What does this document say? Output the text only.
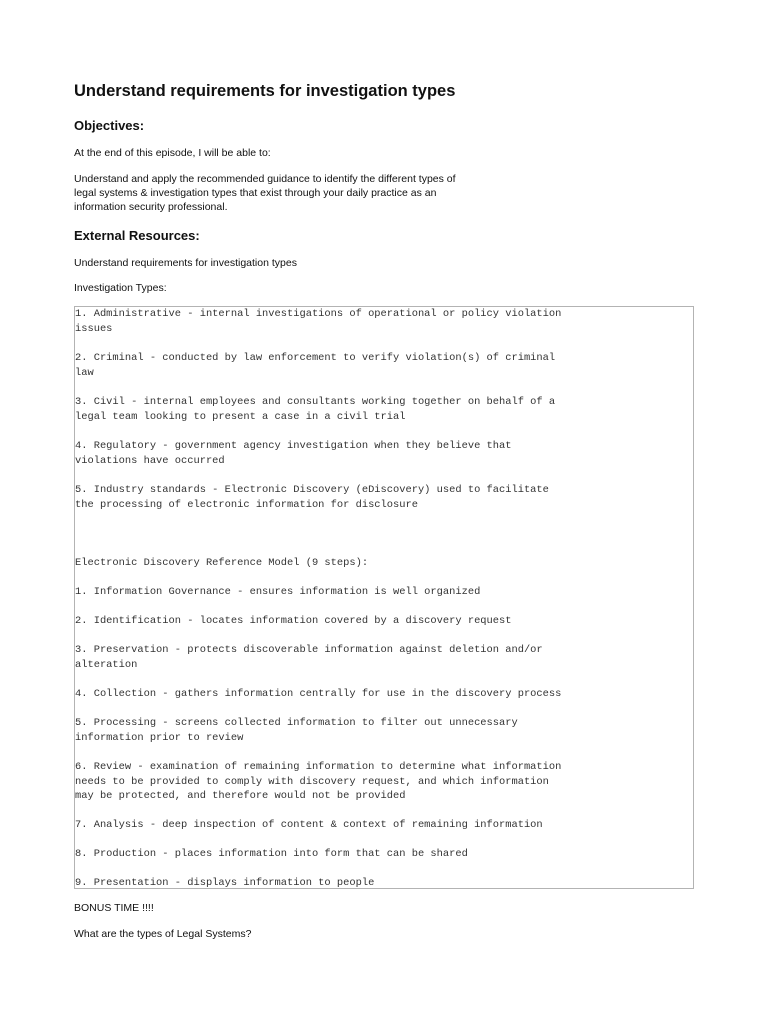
Understand requirements for investigation types
Objectives:

At the end of this episode, I will be able to:

Understand and apply the recommended guidance to identify the different types of

legal systems & investigation types that exist through your daily practice as an

information security professional.

External Resources:

Understand requirements for investigation types

Investigation Types:

1. Administrative - internal investigations of operational or policy violation

issues

2. Criminal - conducted by law enforcement to verify violation(s) of criminal

law

3. Civil - internal employees and consultants working together on behalf of a

legal team looking to present a case in a civil trial

4. Regulatory - government agency investigation when they believe that

violations have occurred

5. Industry standards - Electronic Discovery (eDiscovery) used to facilitate

the processing of electronic information for disclosure

Electronic Discovery Reference Model (9 steps):

1. Information Governance - ensures information is well organized

2. Identification - locates information covered by a discovery request

3. Preservation - protects discoverable information against deletion and/or

alteration

4. Collection - gathers information centrally for use in the discovery process

5. Processing - screens collected information to filter out unnecessary

information prior to review

6. Review - examination of remaining information to determine what information

needs to be provided to comply with discovery request, and which information

may be protected, and therefore would not be provided

7. Analysis - deep inspection of content & context of remaining information

8. Production - places information into form that can be shared

9. Presentation - displays information to people

BONUS TIME !!!!

What are the types of Legal Systems?
